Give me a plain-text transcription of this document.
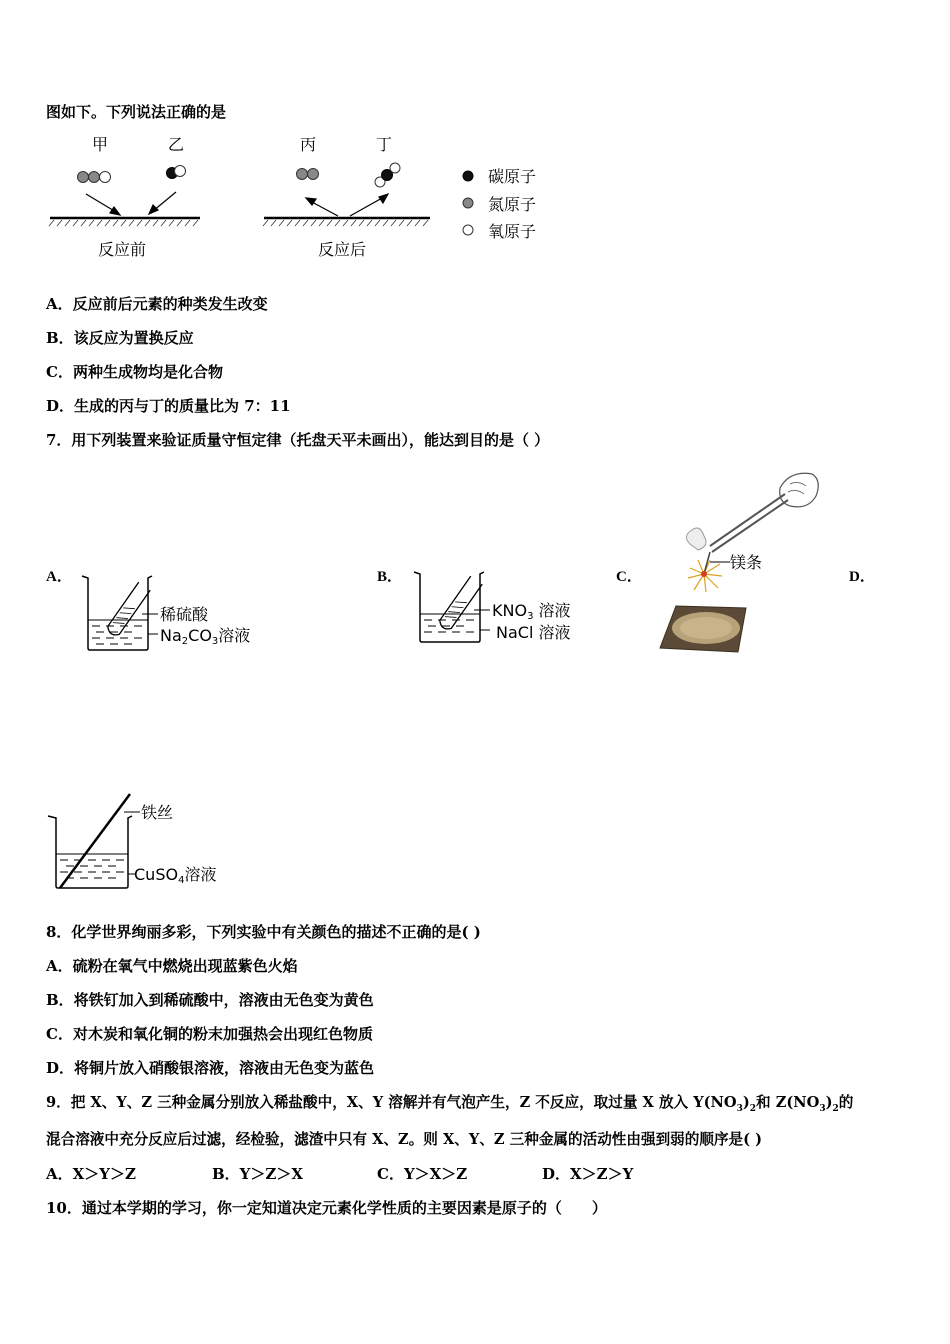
图如下。下列说法正确的是
甲	乙	丙	丁
反应前	反应后
碳原子
氮原子
氧原子
A．反应前后元素的种类发生改变
B．该反应为置换反应
C．两种生成物均是化合物
D．生成的丙与丁的质量比为 7：11
7．用下列装置来验证质量守恒定律（托盘天平未画出），能达到目的是（ ）
A．	B．	C．	D．
稀硫酸
Na2CO3溶液
KNO3 溶液
NaCl 溶液
镁条
铁丝
CuSO4溶液
8．化学世界绚丽多彩，下列实验中有关颜色的描述不正确的是( )
A．硫粉在氧气中燃烧出现蓝紫色火焰
B．将铁钉加入到稀硫酸中，溶液由无色变为黄色
C．对木炭和氧化铜的粉末加强热会出现红色物质
D．将铜片放入硝酸银溶液，溶液由无色变为蓝色
9．把 X、Y、Z 三种金属分别放入稀盐酸中，X、Y 溶解并有气泡产生，Z 不反应，取过量 X 放入 $Y(NO_3)_2$和 $Z(NO_3)_2$的
混合溶液中充分反应后过滤，经检验，滤渣中只有 X、Z。则 X、Y、Z 三种金属的活动性由强到弱的顺序是( )
A．X＞Y＞Z	B．Y＞Z＞X	C．Y＞X＞Z	D．X＞Z＞Y
10．通过本学期的学习，你一定知道决定元素化学性质的主要因素是原子的（　　）
